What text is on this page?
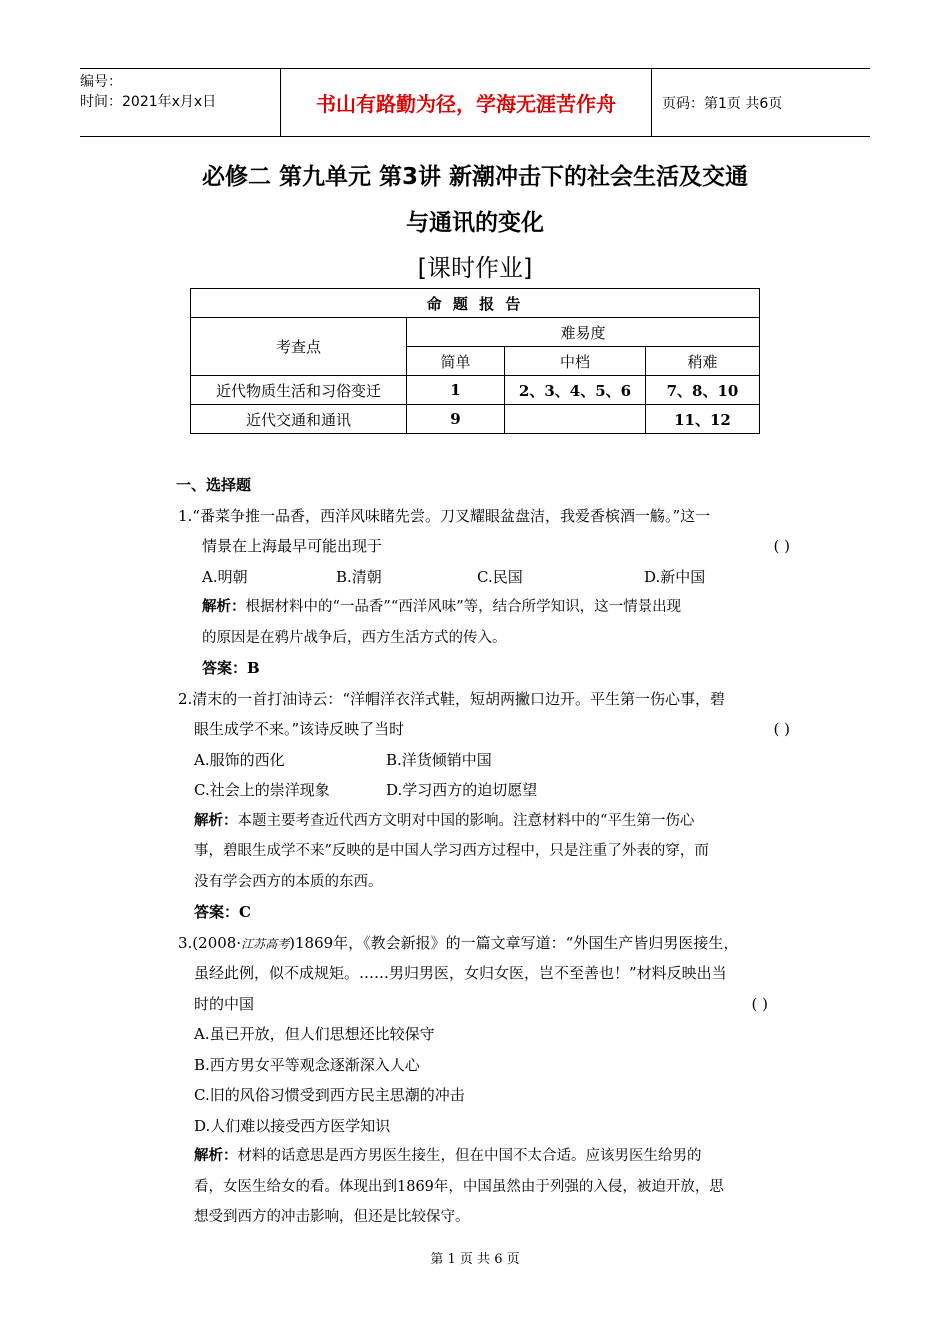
编号：
时间：2021年x月x日	书山有路勤为径，学海无涯苦作舟	页码：第1页 共6页
必修二 第九单元 第3讲 新潮冲击下的社会生活及交通
与通讯的变化
[课时作业]
命 题 报 告			
考查点	难易度		
	简单	中档	稍难
近代物质生活和习俗变迁	1	2、3、4、5、6	7、8、10
近代交通和通讯	9		11、12
一、选择题
1.“番菜争推一品香，西洋风味睹先尝。刀叉耀眼盆盘洁，我爱香槟酒一觞。”这一
情景在上海最早可能出现于	( )
A.明朝	B.清朝	C.民国	D.新中国
解析：根据材料中的“一品香”“西洋风味”等，结合所学知识，这一情景出现
的原因是在鸦片战争后，西方生活方式的传入。
答案：B
2.清末的一首打油诗云：“洋帽洋衣洋式鞋，短胡两撇口边开。平生第一伤心事，碧
眼生成学不来。”该诗反映了当时	( )
A.服饰的西化	B.洋货倾销中国
C.社会上的崇洋现象	D.学习西方的迫切愿望
解析：本题主要考查近代西方文明对中国的影响。注意材料中的“平生第一伤心
事，碧眼生成学不来”反映的是中国人学习西方过程中，只是注重了外表的穿，而
没有学会西方的本质的东西。
答案：C
3.(2008·江苏高考)1869年，《教会新报》的一篇文章写道：“外国生产皆归男医接生，
虽经此例，似不成规矩。……男归男医，女归女医，岂不至善也！”材料反映出当
时的中国	( )
A.虽已开放，但人们思想还比较保守
B.西方男女平等观念逐渐深入人心
C.旧的风俗习惯受到西方民主思潮的冲击
D.人们难以接受西方医学知识
解析：材料的话意思是西方男医生接生，但在中国不太合适。应该男医生给男的
看，女医生给女的看。体现出到1869年，中国虽然由于列强的入侵，被迫开放，思
想受到西方的冲击影响，但还是比较保守。
第 1 页 共 6 页
